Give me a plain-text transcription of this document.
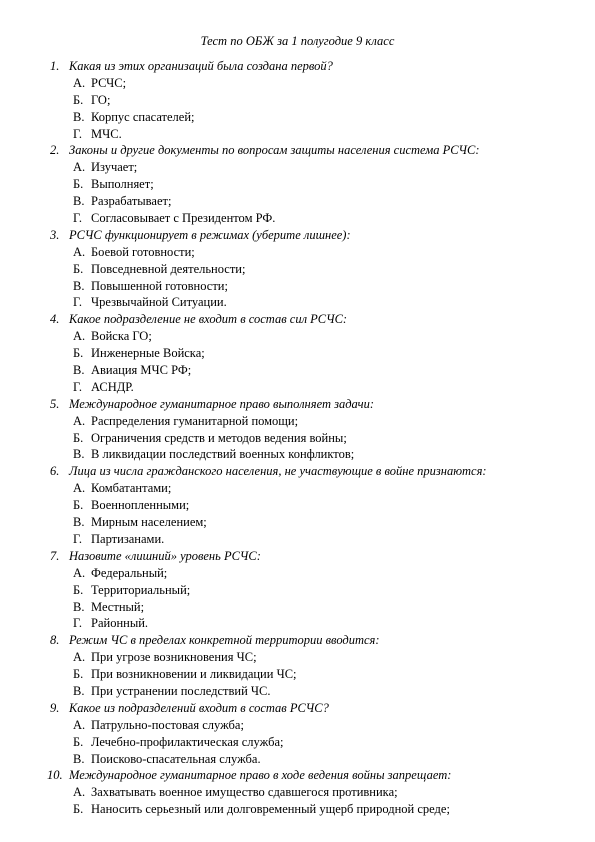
Тест по ОБЖ за 1 полугодие 9 класс
1. Какая из этих организаций была создана первой?
А. РСЧС;
Б. ГО;
В. Корпус спасателей;
Г. МЧС.
2. Законы и другие документы по вопросам защиты населения система РСЧС:
А. Изучает;
Б. Выполняет;
В. Разрабатывает;
Г. Согласовывает с Президентом РФ.
3. РСЧС функционирует в режимах (уберите лишнее):
А. Боевой готовности;
Б. Повседневной деятельности;
В. Повышенной готовности;
Г. Чрезвычайной Ситуации.
4. Какое подразделение не входит в состав сил РСЧС:
А. Войска ГО;
Б. Инженерные Войска;
В. Авиация МЧС РФ;
Г. АСНДР.
5. Международное гуманитарное право выполняет задачи:
А. Распределения гуманитарной помощи;
Б. Ограничения средств и методов ведения войны;
В. В ликвидации последствий военных конфликтов;
6. Лица из числа гражданского населения, не участвующие в войне признаются:
А. Комбатантами;
Б. Военнопленными;
В. Мирным населением;
Г. Партизанами.
7. Назовите «лишний» уровень РСЧС:
А. Федеральный;
Б. Территориальный;
В. Местный;
Г. Районный.
8. Режим ЧС в пределах конкретной территории вводится:
А. При угрозе возникновения ЧС;
Б. При возникновении и ликвидации ЧС;
В. При устранении последствий ЧС.
9. Какое из подразделений входит в состав РСЧС?
А. Патрульно-постовая служба;
Б. Лечебно-профилактическая служба;
В. Поисково-спасательная служба.
10. Международное гуманитарное право в ходе ведения войны запрещает:
А. Захватывать военное имущество сдавшегося противника;
Б. Наносить серьезный или долговременный ущерб природной среде;
